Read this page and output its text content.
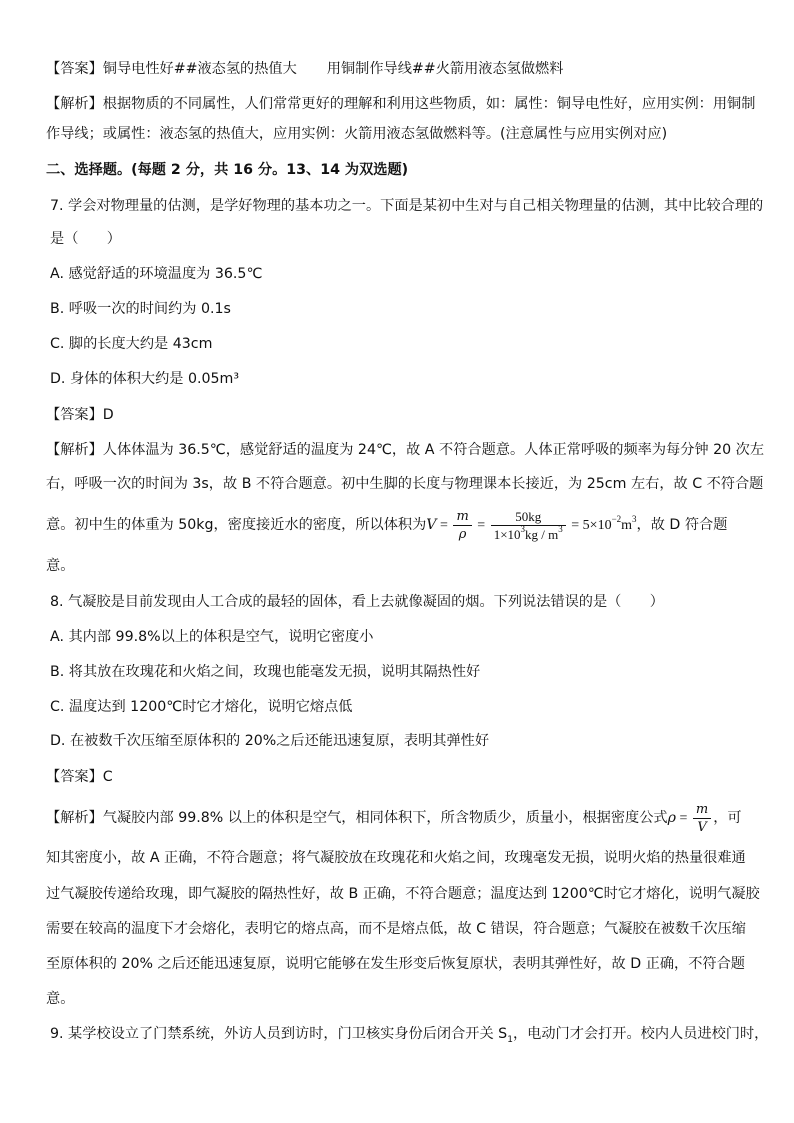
【答案】铜导电性好##液态氢的热值大 用铜制作导线##火箭用液态氢做燃料
【解析】根据物质的不同属性，人们常常更好的理解和利用这些物质，如：属性：铜导电性好，应用实例：用铜制
作导线；或属性：液态氢的热值大，应用实例：火箭用液态氢做燃料等。(注意属性与应用实例对应)
二、选择题。(每题 2 分，共 16 分。13、14 为双选题)
7. 学会对物理量的估测，是学好物理的基本功之一。下面是某初中生对与自己相关物理量的估测，其中比较合理的
是（　　）
A. 感觉舒适的环境温度为 36.5℃
B. 呼吸一次的时间约为 0.1s
C. 脚的长度大约是 43cm
D. 身体的体积大约是 0.05m³
【答案】D
【解析】人体体温为 36.5℃，感觉舒适的温度为 24℃，故 A 不符合题意。人体正常呼吸的频率为每分钟 20 次左
右，呼吸一次的时间为 3s，故 B 不符合题意。初中生脚的长度与物理课本长接近，为 25cm 左右，故 C 不符合题
意。初中生的体重为 50kg，密度接近水的密度，所以体积为$V = \frac{m}{\rho} = \frac{50kg}{1\times 10^3kg / m^3} = 5\times 10^{-2}m^3$，故 D 符合题
意。
8. 气凝胶是目前发现由人工合成的最轻的固体，看上去就像凝固的烟。下列说法错误的是（　　）
A. 其内部 99.8%以上的体积是空气，说明它密度小
B. 将其放在玫瑰花和火焰之间，玫瑰也能毫发无损，说明其隔热性好
C. 温度达到 1200℃时它才熔化，说明它熔点低
D. 在被数千次压缩至原体积的 20%之后还能迅速复原，表明其弹性好
【答案】C
【解析】气凝胶内部 99.8% 以上的体积是空气，相同体积下，所含物质少，质量小，根据密度公式$\rho = \frac{m}{V}$ ，可
知其密度小，故 A 正确，不符合题意；将气凝胶放在玫瑰花和火焰之间，玫瑰毫发无损，说明火焰的热量很难通
过气凝胶传递给玫瑰，即气凝胶的隔热性好，故 B 正确，不符合题意；温度达到 1200℃时它才熔化，说明气凝胶
需要在较高的温度下才会熔化，表明它的熔点高，而不是熔点低，故 C 错误，符合题意；气凝胶在被数千次压缩
至原体积的 20% 之后还能迅速复原，说明它能够在发生形变后恢复原状，表明其弹性好，故 D 正确，不符合题
意。
9. 某学校设立了门禁系统，外访人员到访时，门卫核实身份后闭合开关 $S_1$，电动门才会打开。校内人员进校门时，
